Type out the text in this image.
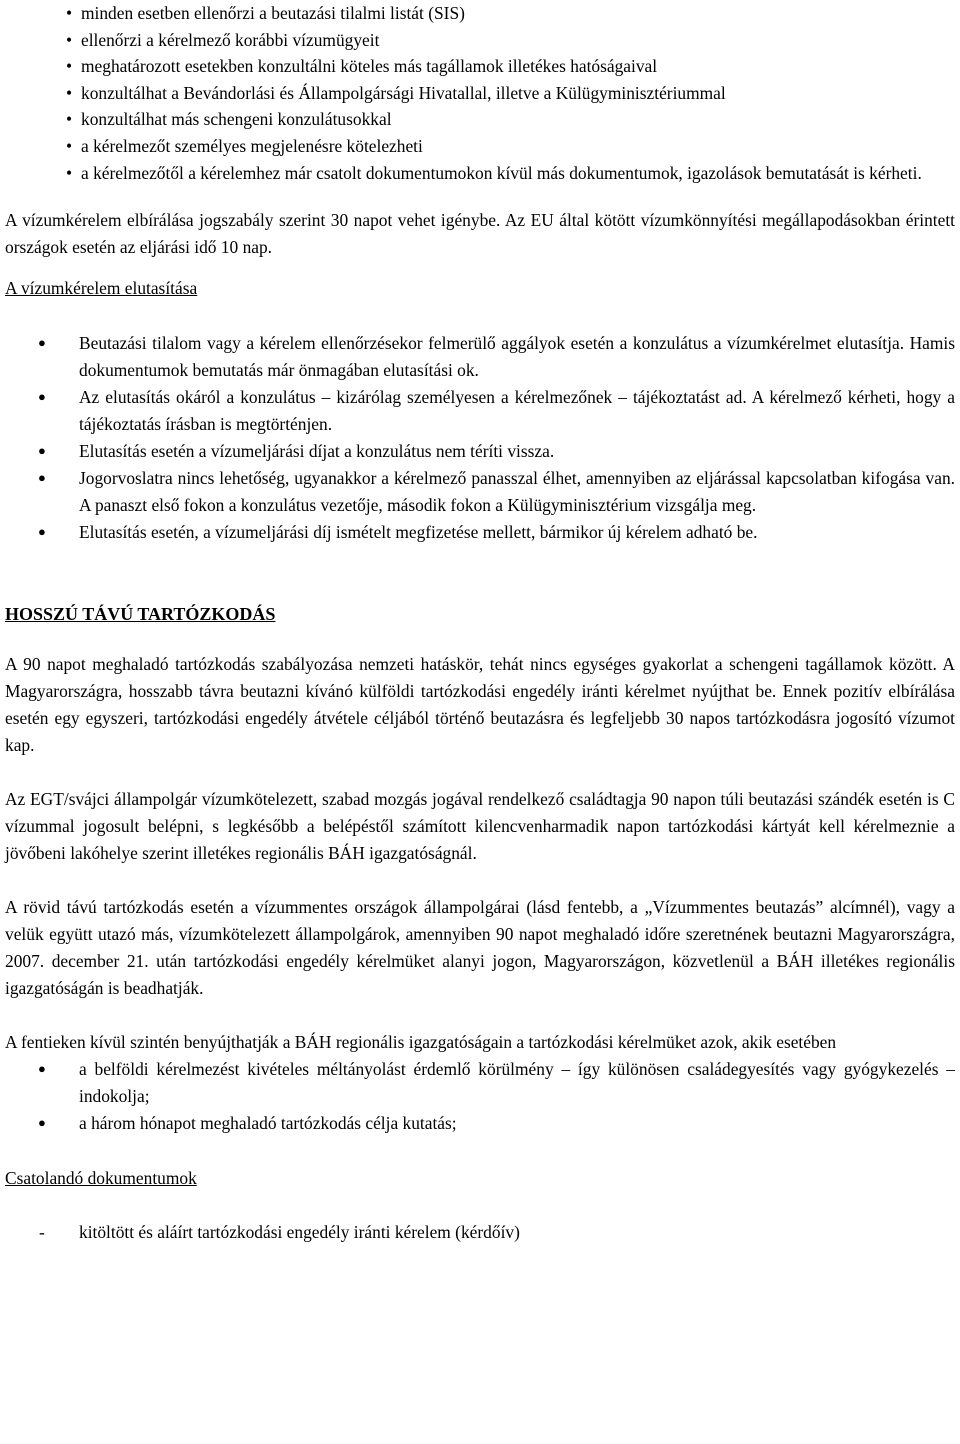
• minden esetben ellenőrzi a beutazási tilalmi listát (SIS)
• ellenőrzi a kérelmező korábbi vízumügyeit
• meghatározott esetekben konzultálni köteles más tagállamok illetékes hatóságaival
• konzultálhat a Bevándorlási és Állampolgársági Hivatallal, illetve a Külügyminisztériummal
• konzultálhat más schengeni konzulátusokkal
• a kérelmezőt személyes megjelenésre kötelezheti
• a kérelmezőtől a kérelemhez már csatolt dokumentumokon kívül más dokumentumok, igazolások bemutatását is kérheti.

A vízumkérelem elbírálása jogszabály szerint 30 napot vehet igénybe. Az EU által kötött vízumkönnyítési megállapodásokban érintett országok esetén az eljárási idő 10 nap.

A vízumkérelem elutasítása

● Beutazási tilalom vagy a kérelem ellenőrzésekor felmerülő aggályok esetén a konzulátus a vízumkérelmet elutasítja. Hamis dokumentumok bemutatás már önmagában elutasítási ok.
● Az elutasítás okáról a konzulátus – kizárólag személyesen a kérelmezőnek – tájékoztatást ad. A kérelmező kérheti, hogy a tájékoztatás írásban is megtörténjen.
● Elutasítás esetén a vízumeljárási díjat a konzulátus nem téríti vissza.
● Jogorvoslatra nincs lehetőség, ugyanakkor a kérelmező panasszal élhet, amennyiben az eljárással kapcsolatban kifogása van. A panaszt első fokon a konzulátus vezetője, második fokon a Külügyminisztérium vizsgálja meg.
● Elutasítás esetén, a vízumeljárási díj ismételt megfizetése mellett, bármikor új kérelem adható be.

HOSSZÚ TÁVÚ TARTÓZKODÁS

A 90 napot meghaladó tartózkodás szabályozása nemzeti hatáskör, tehát nincs egységes gyakorlat a schengeni tagállamok között. A Magyarországra, hosszabb távra beutazni kívánó külföldi tartózkodási engedély iránti kérelmet nyújthat be. Ennek pozitív elbírálása esetén egy egyszeri, tartózkodási engedély átvétele céljából történő beutazásra és legfeljebb 30 napos tartózkodásra jogosító vízumot kap.

Az EGT/svájci állampolgár vízumkötelezett, szabad mozgás jogával rendelkező családtagja 90 napon túli beutazási szándék esetén is C vízummal jogosult belépni, s legkésőbb a belépéstől számított kilencvenharmadik napon tartózkodási kártyát kell kérelmeznie a jövőbeni lakóhelye szerint illetékes regionális BÁH igazgatóságnál.

A rövid távú tartózkodás esetén a vízummentes országok állampolgárai (lásd fentebb, a „Vízummentes beutazás” alcímnél), vagy a velük együtt utazó más, vízumkötelezett állampolgárok, amennyiben 90 napot meghaladó időre szeretnének beutazni Magyarországra, 2007. december 21. után tartózkodási engedély kérelmüket alanyi jogon, Magyarországon, közvetlenül a BÁH illetékes regionális igazgatóságán is beadhatják.

A fentieken kívül szintén benyújthatják a BÁH regionális igazgatóságain a tartózkodási kérelmüket azok, akik esetében

● a belföldi kérelmezést kivételes méltányolást érdemlő körülmény – így különösen családegyesítés vagy gyógykezelés – indokolja;
● a három hónapot meghaladó tartózkodás célja kutatás;

Csatolandó dokumentumok

- kitöltött és aláírt tartózkodási engedély iránti kérelem (kérdőív)
